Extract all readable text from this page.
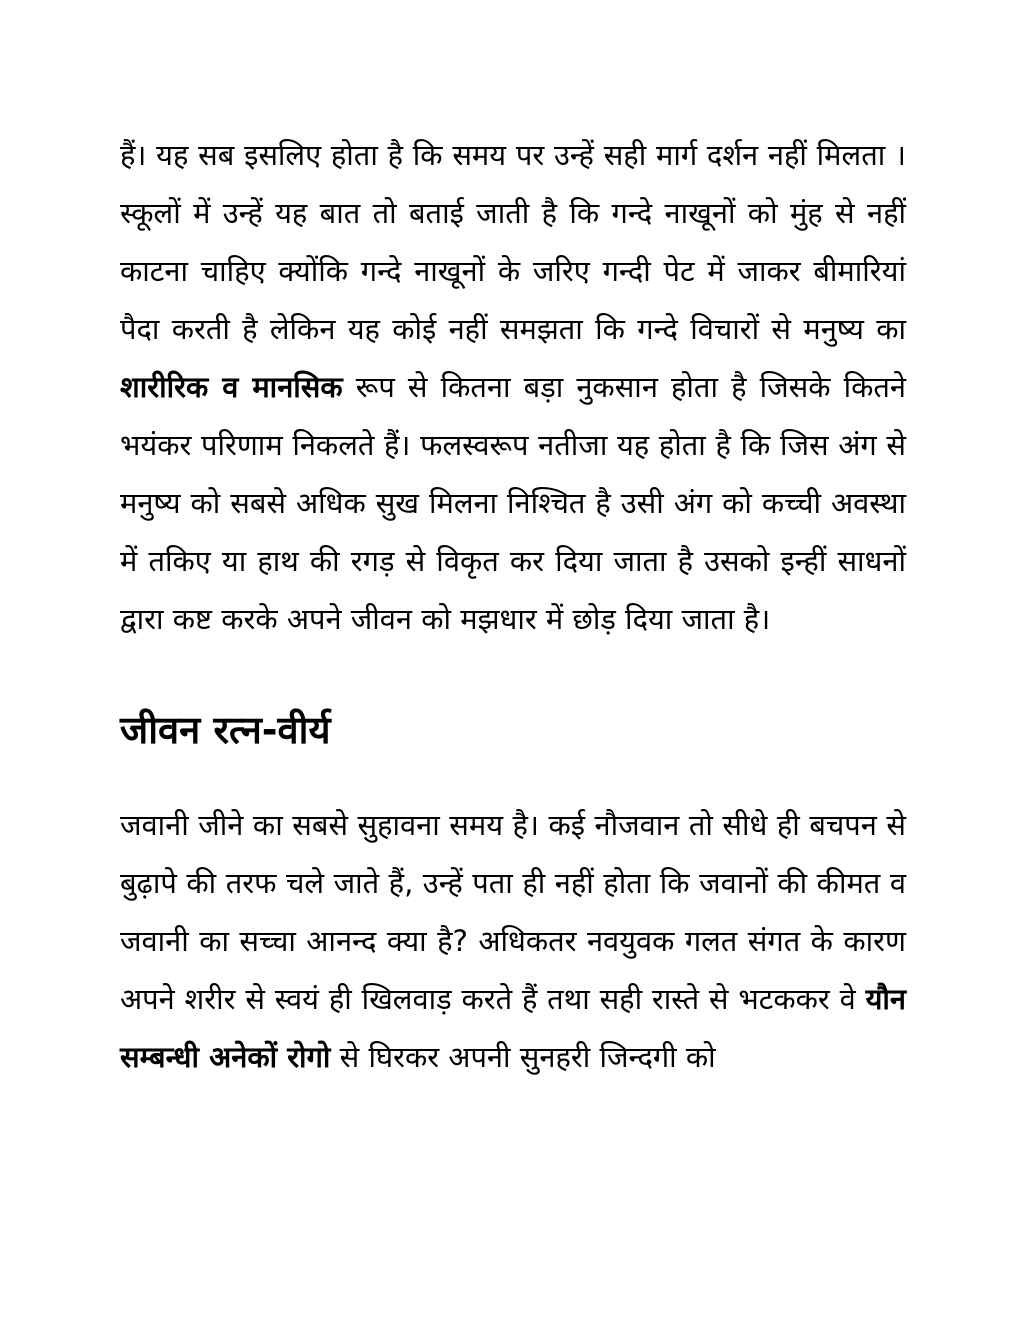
हैं। यह सब इसलिए होता है कि समय पर उन्हें सही मार्ग दर्शन नहीं मिलता । स्कूलों में उन्हें यह बात तो बताई जाती है कि गन्दे नाखूनों को मुंह से नहीं काटना चाहिए क्योंकि गन्दे नाखूनों के जरिए गन्दी पेट में जाकर बीमारियां पैदा करती है लेकिन यह कोई नहीं समझता कि गन्दे विचारों से मनुष्य का शारीरिक व मानसिक रूप से कितना बड़ा नुकसान होता है जिसके कितने भयंकर परिणाम निकलते हैं। फलस्वरूप नतीजा यह होता है कि जिस अंग से मनुष्य को सबसे अधिक सुख मिलना निश्चित है उसी अंग को कच्ची अवस्था में तकिए या हाथ की रगड़ से विकृत कर दिया जाता है उसको इन्हीं साधनों द्वारा कष्ट करके अपने जीवन को मझधार में छोड़ दिया जाता है।

जीवन रत्न-वीर्य

जवानी जीने का सबसे सुहावना समय है। कई नौजवान तो सीधे ही बचपन से बुढ़ापे की तरफ चले जाते हैं, उन्हें पता ही नहीं होता कि जवानों की कीमत व जवानी का सच्चा आनन्द क्या है? अधिकतर नवयुवक गलत संगत के कारण अपने शरीर से स्वयं ही खिलवाड़ करते हैं तथा सही रास्ते से भटककर वे यौन सम्बन्धी अनेकों रोगो से घिरकर अपनी सुनहरी जिन्दगी को
